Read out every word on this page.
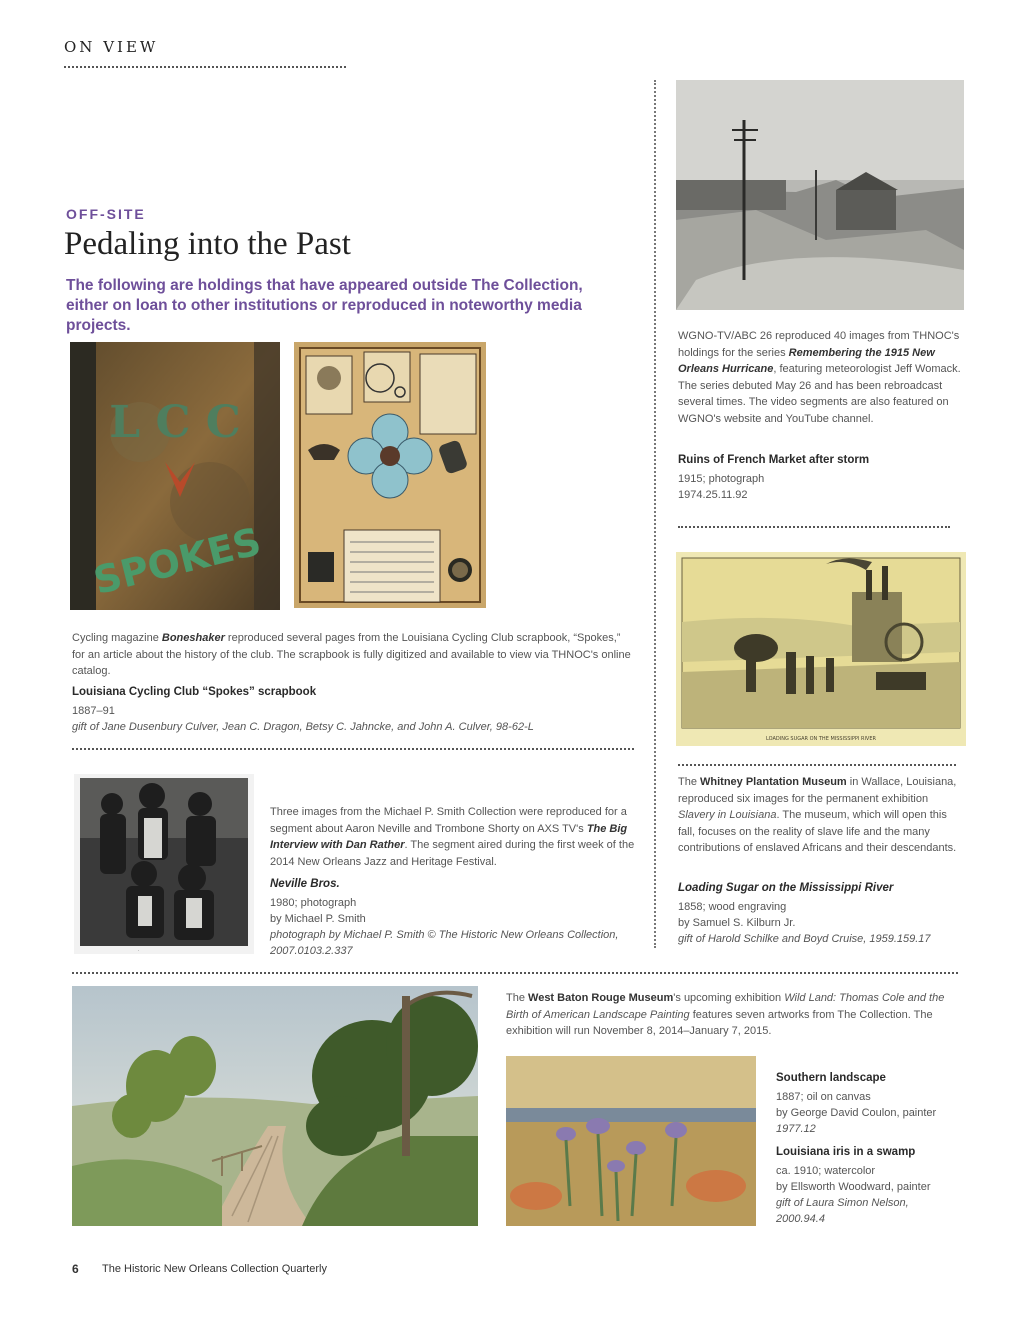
ON VIEW
OFF-SITE
Pedaling into the Past
The following are holdings that have appeared outside The Collection, either on loan to other institutions or reproduced in noteworthy media projects.
L C C
SPOKES
Cycling magazine Boneshaker reproduced several pages from the Louisiana Cycling Club scrapbook, “Spokes,” for an article about the history of the club. The scrapbook is fully digitized and available to view via THNOC's online catalog.
Louisiana Cycling Club “Spokes” scrapbook
1887–91
gift of Jane Dusenbury Culver, Jean C. Dragon, Betsy C. Jahncke, and John A. Culver, 98-62-L
WGNO-TV/ABC 26 reproduced 40 images from THNOC's holdings for the series Remembering the 1915 New Orleans Hurricane, featuring meteorologist Jeff Womack. The series debuted May 26 and has been rebroadcast several times. The video segments are also featured on WGNO's website and YouTube channel.
Ruins of French Market after storm
1915; photograph
1974.25.11.92
LOADING SUGAR ON THE MISSISSIPPI RIVER
The Whitney Plantation Museum in Wallace, Louisiana, reproduced six images for the permanent exhibition Slavery in Louisiana. The museum, which will open this fall, focuses on the reality of slave life and the many contributions of enslaved Africans and their descendants.
Loading Sugar on the Mississippi River
1858; wood engraving
by Samuel S. Kilburn Jr.
gift of Harold Schilke and Boyd Cruise, 1959.159.17
·
Three images from the Michael P. Smith Collection were reproduced for a segment about Aaron Neville and Trombone Shorty on AXS TV's The Big Interview with Dan Rather. The segment aired during the first week of the 2014 New Orleans Jazz and Heritage Festival.
Neville Bros.
1980; photograph
by Michael P. Smith
photograph by Michael P. Smith © The Historic New Orleans Collection, 2007.0103.2.337
The West Baton Rouge Museum's upcoming exhibition Wild Land: Thomas Cole and the Birth of American Landscape Painting features seven artworks from The Collection. The exhibition will run November 8, 2014–January 7, 2015.
Southern landscape
1887; oil on canvas
by George David Coulon, painter
1977.12
Louisiana iris in a swamp
ca. 1910; watercolor
by Ellsworth Woodward, painter
gift of Laura Simon Nelson, 2000.94.4
6 The Historic New Orleans Collection Quarterly
